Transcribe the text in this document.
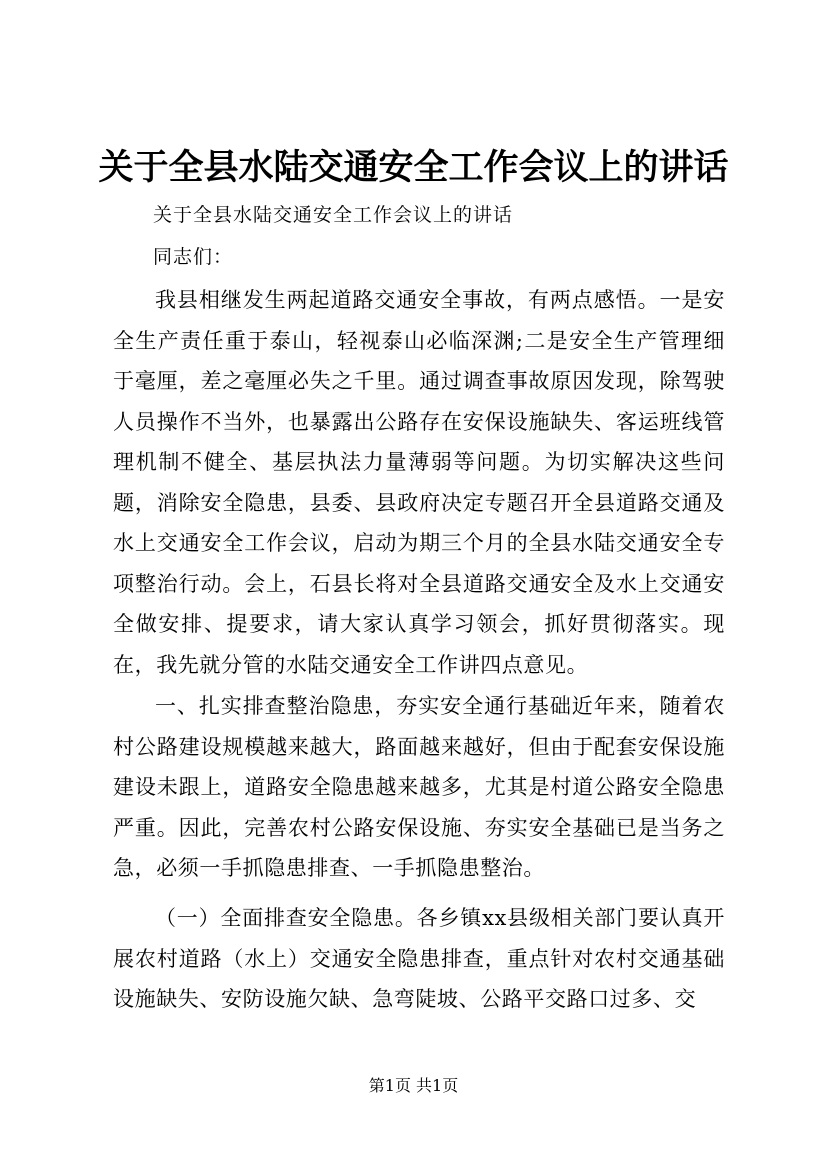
关于全县水陆交通安全工作会议上的讲话
关于全县水陆交通安全工作会议上的讲话
同志们：

我县相继发生两起道路交通安全事故，有两点感悟。一是安全生产责任重于泰山，轻视泰山必临深渊;二是安全生产管理细于毫厘，差之毫厘必失之千里。通过调查事故原因发现，除驾驶人员操作不当外，也暴露出公路存在安保设施缺失、客运班线管理机制不健全、基层执法力量薄弱等问题。为切实解决这些问题，消除安全隐患，县委、县政府决定专题召开全县道路交通及水上交通安全工作会议，启动为期三个月的全县水陆交通安全专项整治行动。会上，石县长将对全县道路交通安全及水上交通安全做安排、提要求，请大家认真学习领会，抓好贯彻落实。现在，我先就分管的水陆交通安全工作讲四点意见。

一、扎实排查整治隐患，夯实安全通行基础近年来，随着农村公路建设规模越来越大，路面越来越好，但由于配套安保设施建设未跟上，道路安全隐患越来越多，尤其是村道公路安全隐患严重。因此，完善农村公路安保设施、夯实安全基础已是当务之急，必须一手抓隐患排查、一手抓隐患整治。

（一）全面排查安全隐患。各乡镇xx县级相关部门要认真开展农村道路（水上）交通安全隐患排查，重点针对农村交通基础设施缺失、安防设施欠缺、急弯陡坡、公路平交路口过多、交

第1页 共1页
